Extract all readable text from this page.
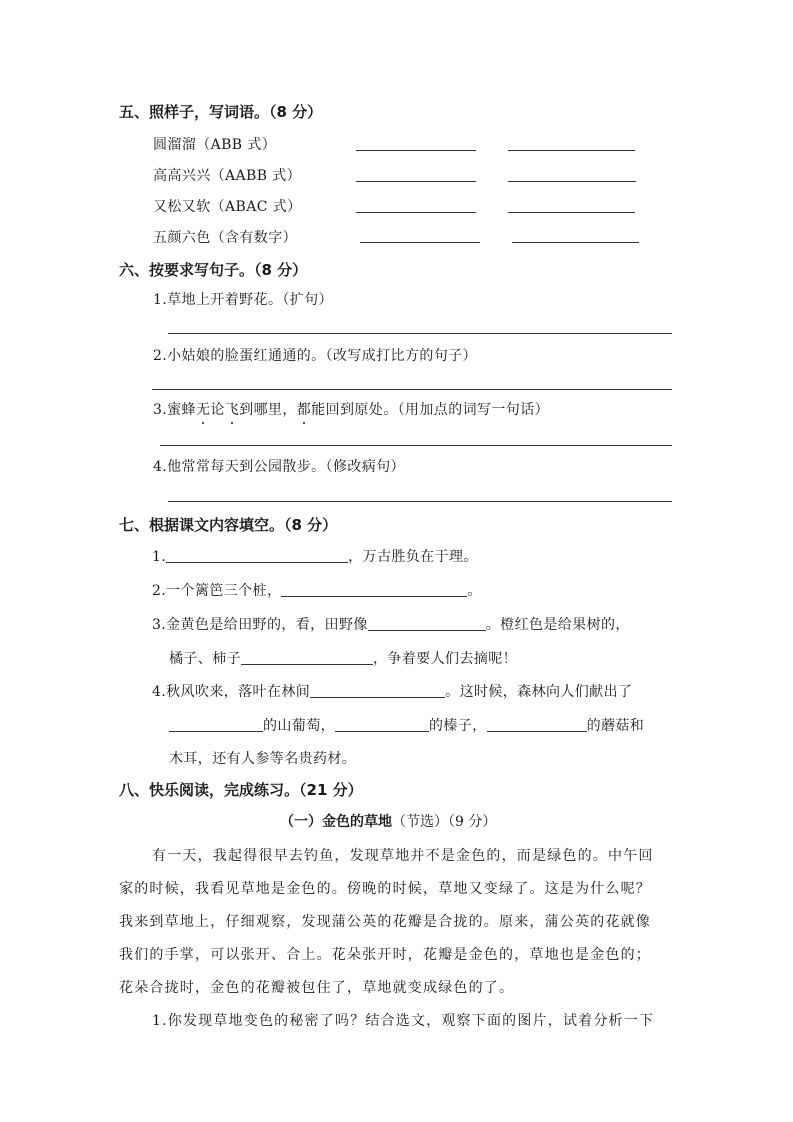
五、照样子，写词语。（8 分）
圆溜溜（ABB 式）
高高兴兴（AABB 式）
又松又软（ABAC 式）
五颜六色（含有数字）
六、按要求写句子。（8 分）
1.草地上开着野花。（扩句）
2.小姑娘的脸蛋红通通的。（改写成打比方的句子）
3.蜜蜂无论飞到哪里，都能回到原处。（用加点的词写一句话）
4.他常常每天到公园散步。（修改病句）
七、根据课文内容填空。（8 分）
1.	，万古胜负在于理。
2.一个篱笆三个桩，	。
3.金黄色是给田野的，看，田野像	。橙红色是给果树的，
橘子、柿子	，争着要人们去摘呢！
4.秋风吹来，落叶在林间	。这时候，森林向人们献出了
的山葡萄，	的榛子，	的蘑菇和
木耳，还有人参等名贵药材。
八、快乐阅读，完成练习。（21 分）
（一）金色的草地（节选）（9 分）
有一天，我起得很早去钓鱼，发现草地并不是金色的，而是绿色的。中午回
家的时候，我看见草地是金色的。傍晚的时候，草地又变绿了。这是为什么呢？
我来到草地上，仔细观察，发现蒲公英的花瓣是合拢的。原来，蒲公英的花就像
我们的手掌，可以张开、合上。花朵张开时，花瓣是金色的，草地也是金色的；
花朵合拢时，金色的花瓣被包住了，草地就变成绿色的了。
1.你发现草地变色的秘密了吗？结合选文，观察下面的图片，试着分析一下
